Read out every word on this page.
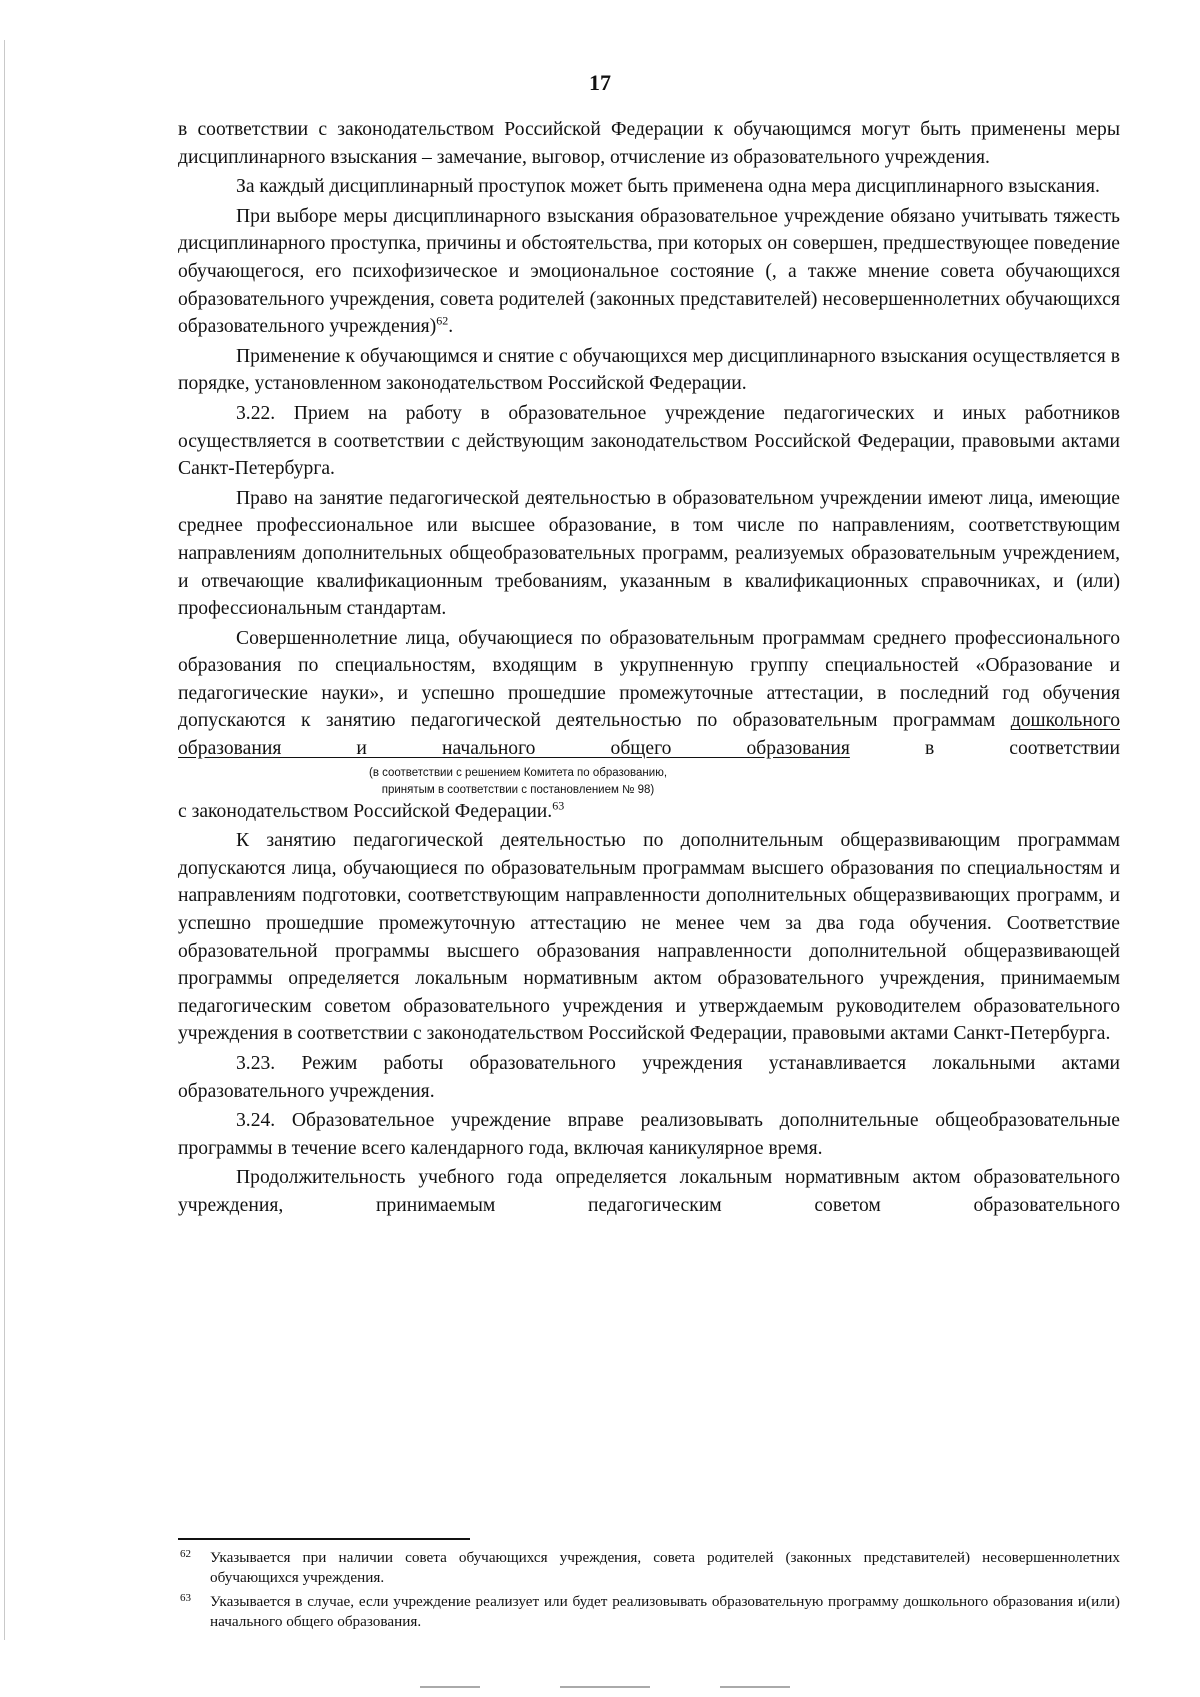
17

в соответствии с законодательством Российской Федерации к обучающимся могут быть применены меры дисциплинарного взыскания – замечание, выговор, отчисление из образовательного учреждения.

За каждый дисциплинарный проступок может быть применена одна мера дисциплинарного взыскания.

При выборе меры дисциплинарного взыскания образовательное учреждение обязано учитывать тяжесть дисциплинарного проступка, причины и обстоятельства, при которых он совершен, предшествующее поведение обучающегося, его психофизическое и эмоциональное состояние (, а также мнение совета обучающихся образовательного учреждения, совета родителей (законных представителей) несовершеннолетних обучающихся образовательного учреждения)$^{62}$.

Применение к обучающимся и снятие с обучающихся мер дисциплинарного взыскания осуществляется в порядке, установленном законодательством Российской Федерации.

3.22. Прием на работу в образовательное учреждение педагогических и иных работников осуществляется в соответствии с действующим законодательством Российской Федерации, правовыми актами Санкт-Петербурга.

Право на занятие педагогической деятельностью в образовательном учреждении имеют лица, имеющие среднее профессиональное или высшее образование, в том числе по направлениям, соответствующим направлениям дополнительных общеобразовательных программ, реализуемых образовательным учреждением, и отвечающие квалификационным требованиям, указанным в квалификационных справочниках, и (или) профессиональным стандартам.

Совершеннолетние лица, обучающиеся по образовательным программам среднего профессионального образования по специальностям, входящим в укрупненную группу специальностей «Образование и педагогические науки», и успешно прошедшие промежуточные аттестации, в последний год обучения допускаются к занятию педагогической деятельностью по образовательным программам дошкольного образования и начального общего образования	в соответствии

(в соответствии с решением Комитета по образованию,
принятым в соответствии с постановлением № 98)

с законодательством Российской Федерации.$^{63}$

К занятию педагогической деятельностью по дополнительным общеразвивающим программам допускаются лица, обучающиеся по образовательным программам высшего образования по специальностям и направлениям подготовки, соответствующим направленности дополнительных общеразвивающих программ, и успешно прошедшие промежуточную аттестацию не менее чем за два года обучения. Соответствие образовательной программы высшего образования направленности дополнительной общеразвивающей программы определяется локальным нормативным актом образовательного учреждения, принимаемым педагогическим советом образовательного учреждения и утверждаемым руководителем образовательного учреждения в соответствии с законодательством Российской Федерации, правовыми актами Санкт-Петербурга.

3.23. Режим работы образовательного учреждения устанавливается локальными актами образовательного учреждения.

3.24. Образовательное учреждение вправе реализовывать дополнительные общеобразовательные программы в течение всего календарного года, включая каникулярное время.

Продолжительность учебного года определяется локальным нормативным актом образовательного учреждения, принимаемым педагогическим советом образовательного

62 Указывается при наличии совета обучающихся учреждения, совета родителей (законных представителей) несовершеннолетних обучающихся учреждения.
63 Указывается в случае, если учреждение реализует или будет реализовывать образовательную программу дошкольного образования и(или) начального общего образования.
